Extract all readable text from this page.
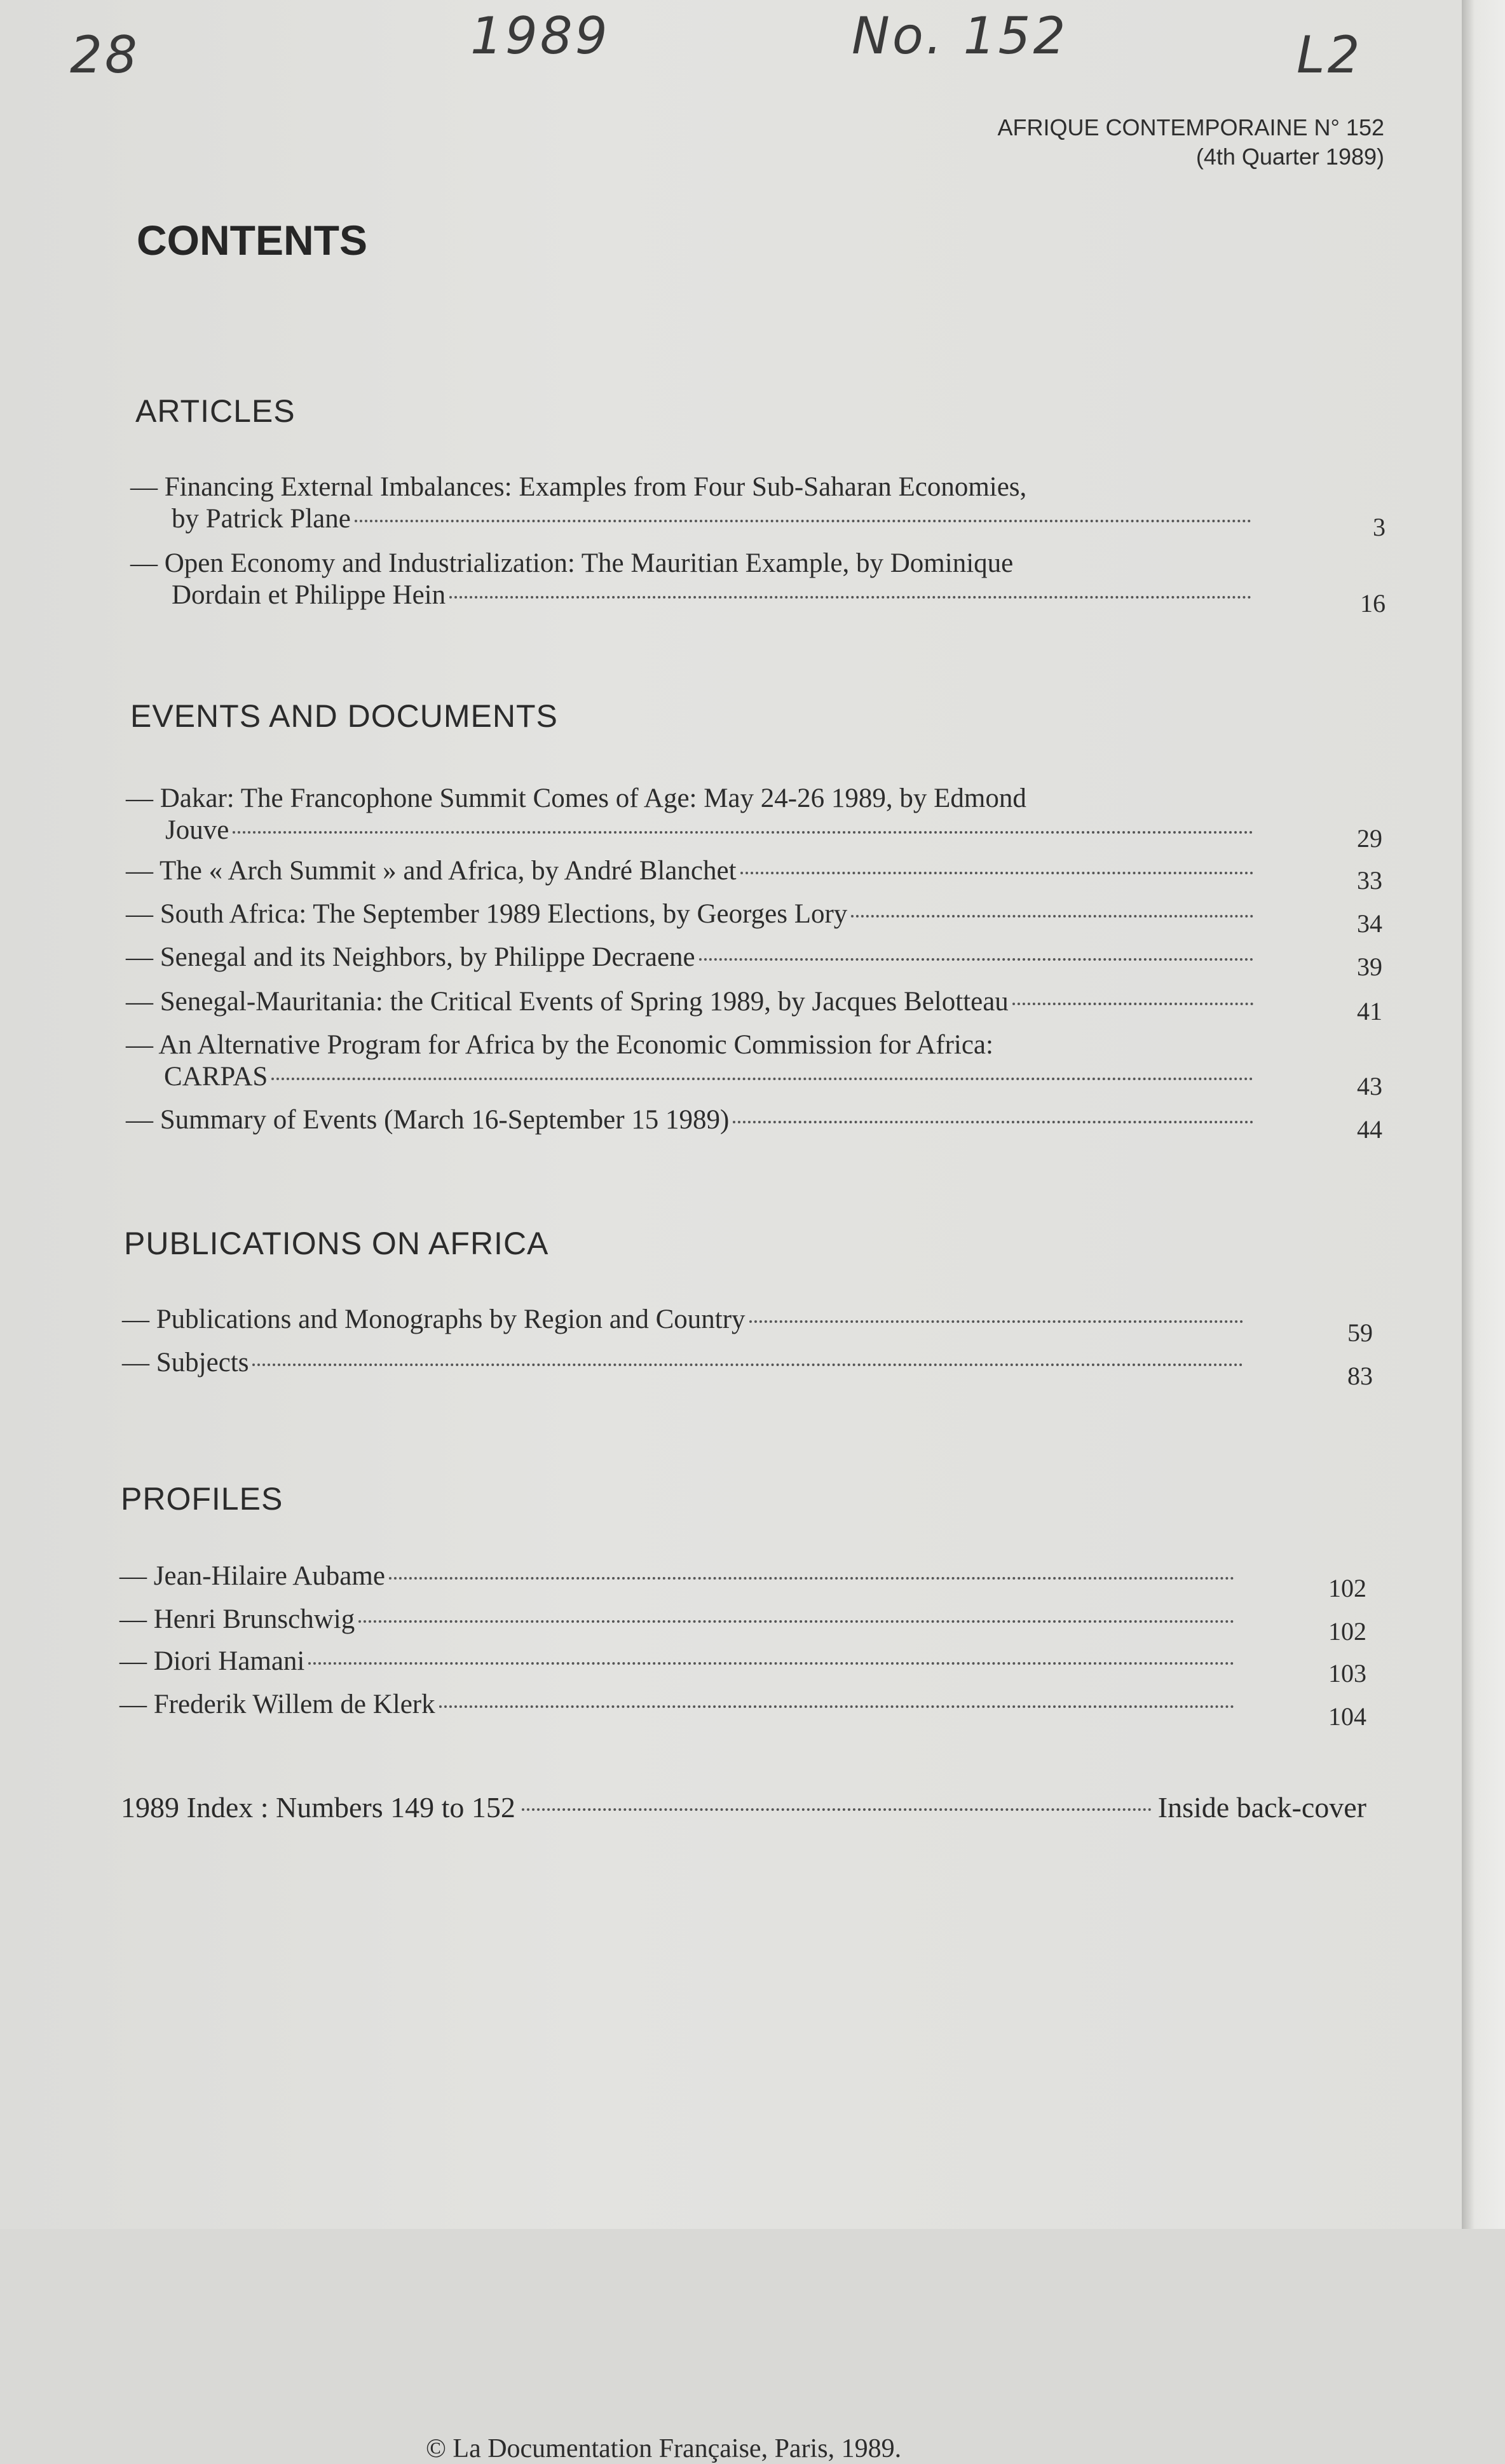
28	1989	No. 152	L2
AFRIQUE CONTEMPORAINE N° 152
(4th Quarter 1989)
CONTENTS
ARTICLES
— Financing External Imbalances: Examples from Four Sub-Saharan Economies,
by Patrick Plane	3
— Open Economy and Industrialization: The Mauritian Example, by Dominique
Dordain et Philippe Hein	16
EVENTS AND DOCUMENTS
— Dakar: The Francophone Summit Comes of Age: May 24-26 1989, by Edmond
Jouve	29
— The « Arch Summit » and Africa, by André Blanchet	33
— South Africa: The September 1989 Elections, by Georges Lory	34
— Senegal and its Neighbors, by Philippe Decraene	39
— Senegal-Mauritania: the Critical Events of Spring 1989, by Jacques Belotteau	41
— An Alternative Program for Africa by the Economic Commission for Africa:
CARPAS	43
— Summary of Events (March 16-September 15 1989)	44
PUBLICATIONS ON AFRICA
— Publications and Monographs by Region and Country	59
— Subjects	83
PROFILES
— Jean-Hilaire Aubame	102
— Henri Brunschwig	102
— Diori Hamani	103
— Frederik Willem de Klerk	104
1989 Index : Numbers 149 to 152	Inside back-cover
© La Documentation Française, Paris, 1989.
